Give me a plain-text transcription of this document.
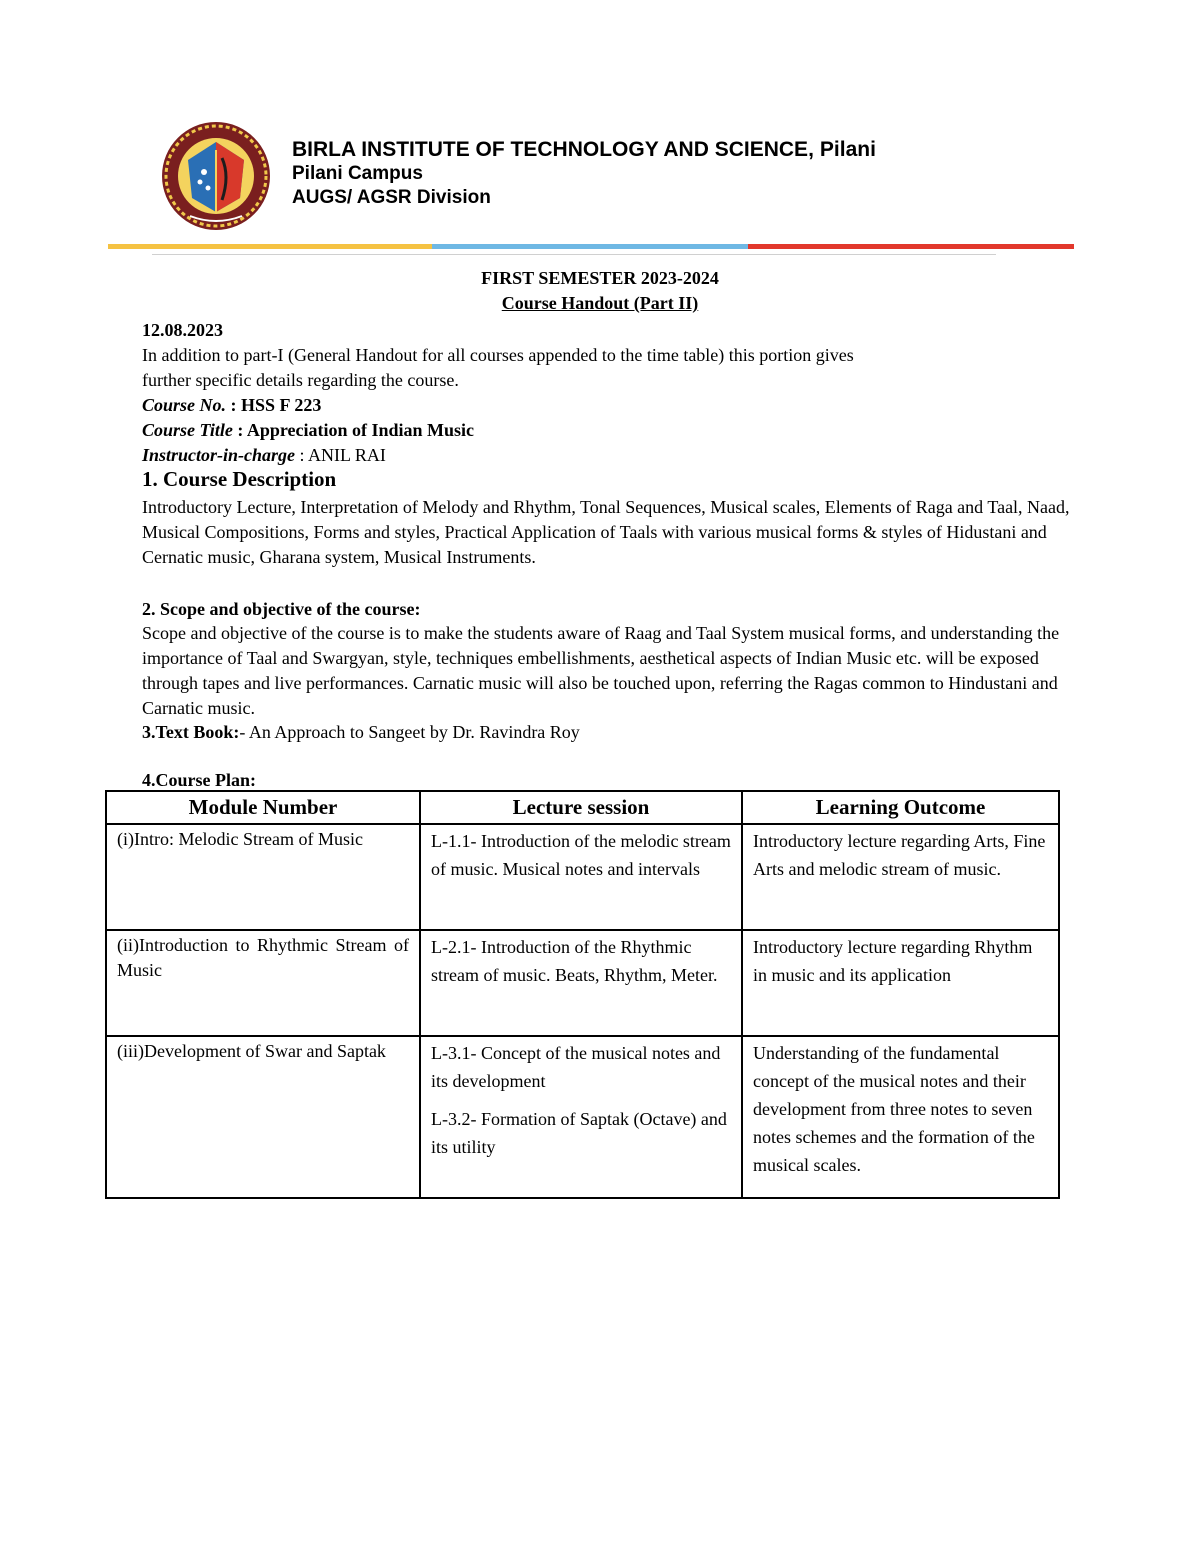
BIRLA INSTITUTE OF TECHNOLOGY AND SCIENCE, Pilani
Pilani Campus
AUGS/ AGSR Division
FIRST SEMESTER 2023-2024
Course Handout (Part II)
12.08.2023
In addition to part-I (General Handout for all courses appended to the time table) this portion gives
further specific details regarding the course.
Course No. : HSS F 223
Course Title : Appreciation of Indian Music
Instructor-in-charge : ANIL RAI
1. Course Description
Introductory Lecture, Interpretation of Melody and Rhythm, Tonal Sequences, Musical scales, Elements of Raga and Taal, Naad, Musical Compositions, Forms and styles, Practical Application of Taals with various musical forms & styles of Hidustani and Cernatic music, Gharana system, Musical Instruments.
2. Scope and objective of the course:
Scope and objective of the course is to make the students aware of Raag and Taal System musical forms, and understanding the importance of Taal and Swargyan, style, techniques embellishments, aesthetical aspects of Indian Music etc. will be exposed through tapes and live performances. Carnatic music will also be touched upon, referring the Ragas common to Hindustani and Carnatic music.
3.Text Book:- An Approach to Sangeet by Dr. Ravindra Roy
4.Course Plan:
Module Number	Lecture session	Learning Outcome
(i)Intro: Melodic Stream of Music	L-1.1- Introduction of the melodic stream of music. Musical notes and intervals	Introductory lecture regarding Arts, Fine Arts and melodic stream of music.
(ii)Introduction to Rhythmic Stream of Music	L-2.1- Introduction of the Rhythmic stream of music. Beats, Rhythm, Meter.	Introductory lecture regarding Rhythm in music and its application
(iii)Development of Swar and Saptak	L-3.1- Concept of the musical notes and its development
L-3.2- Formation of Saptak (Octave) and its utility	Understanding of the fundamental concept of the musical notes and their development from three notes to seven notes schemes and the formation of the musical scales.
